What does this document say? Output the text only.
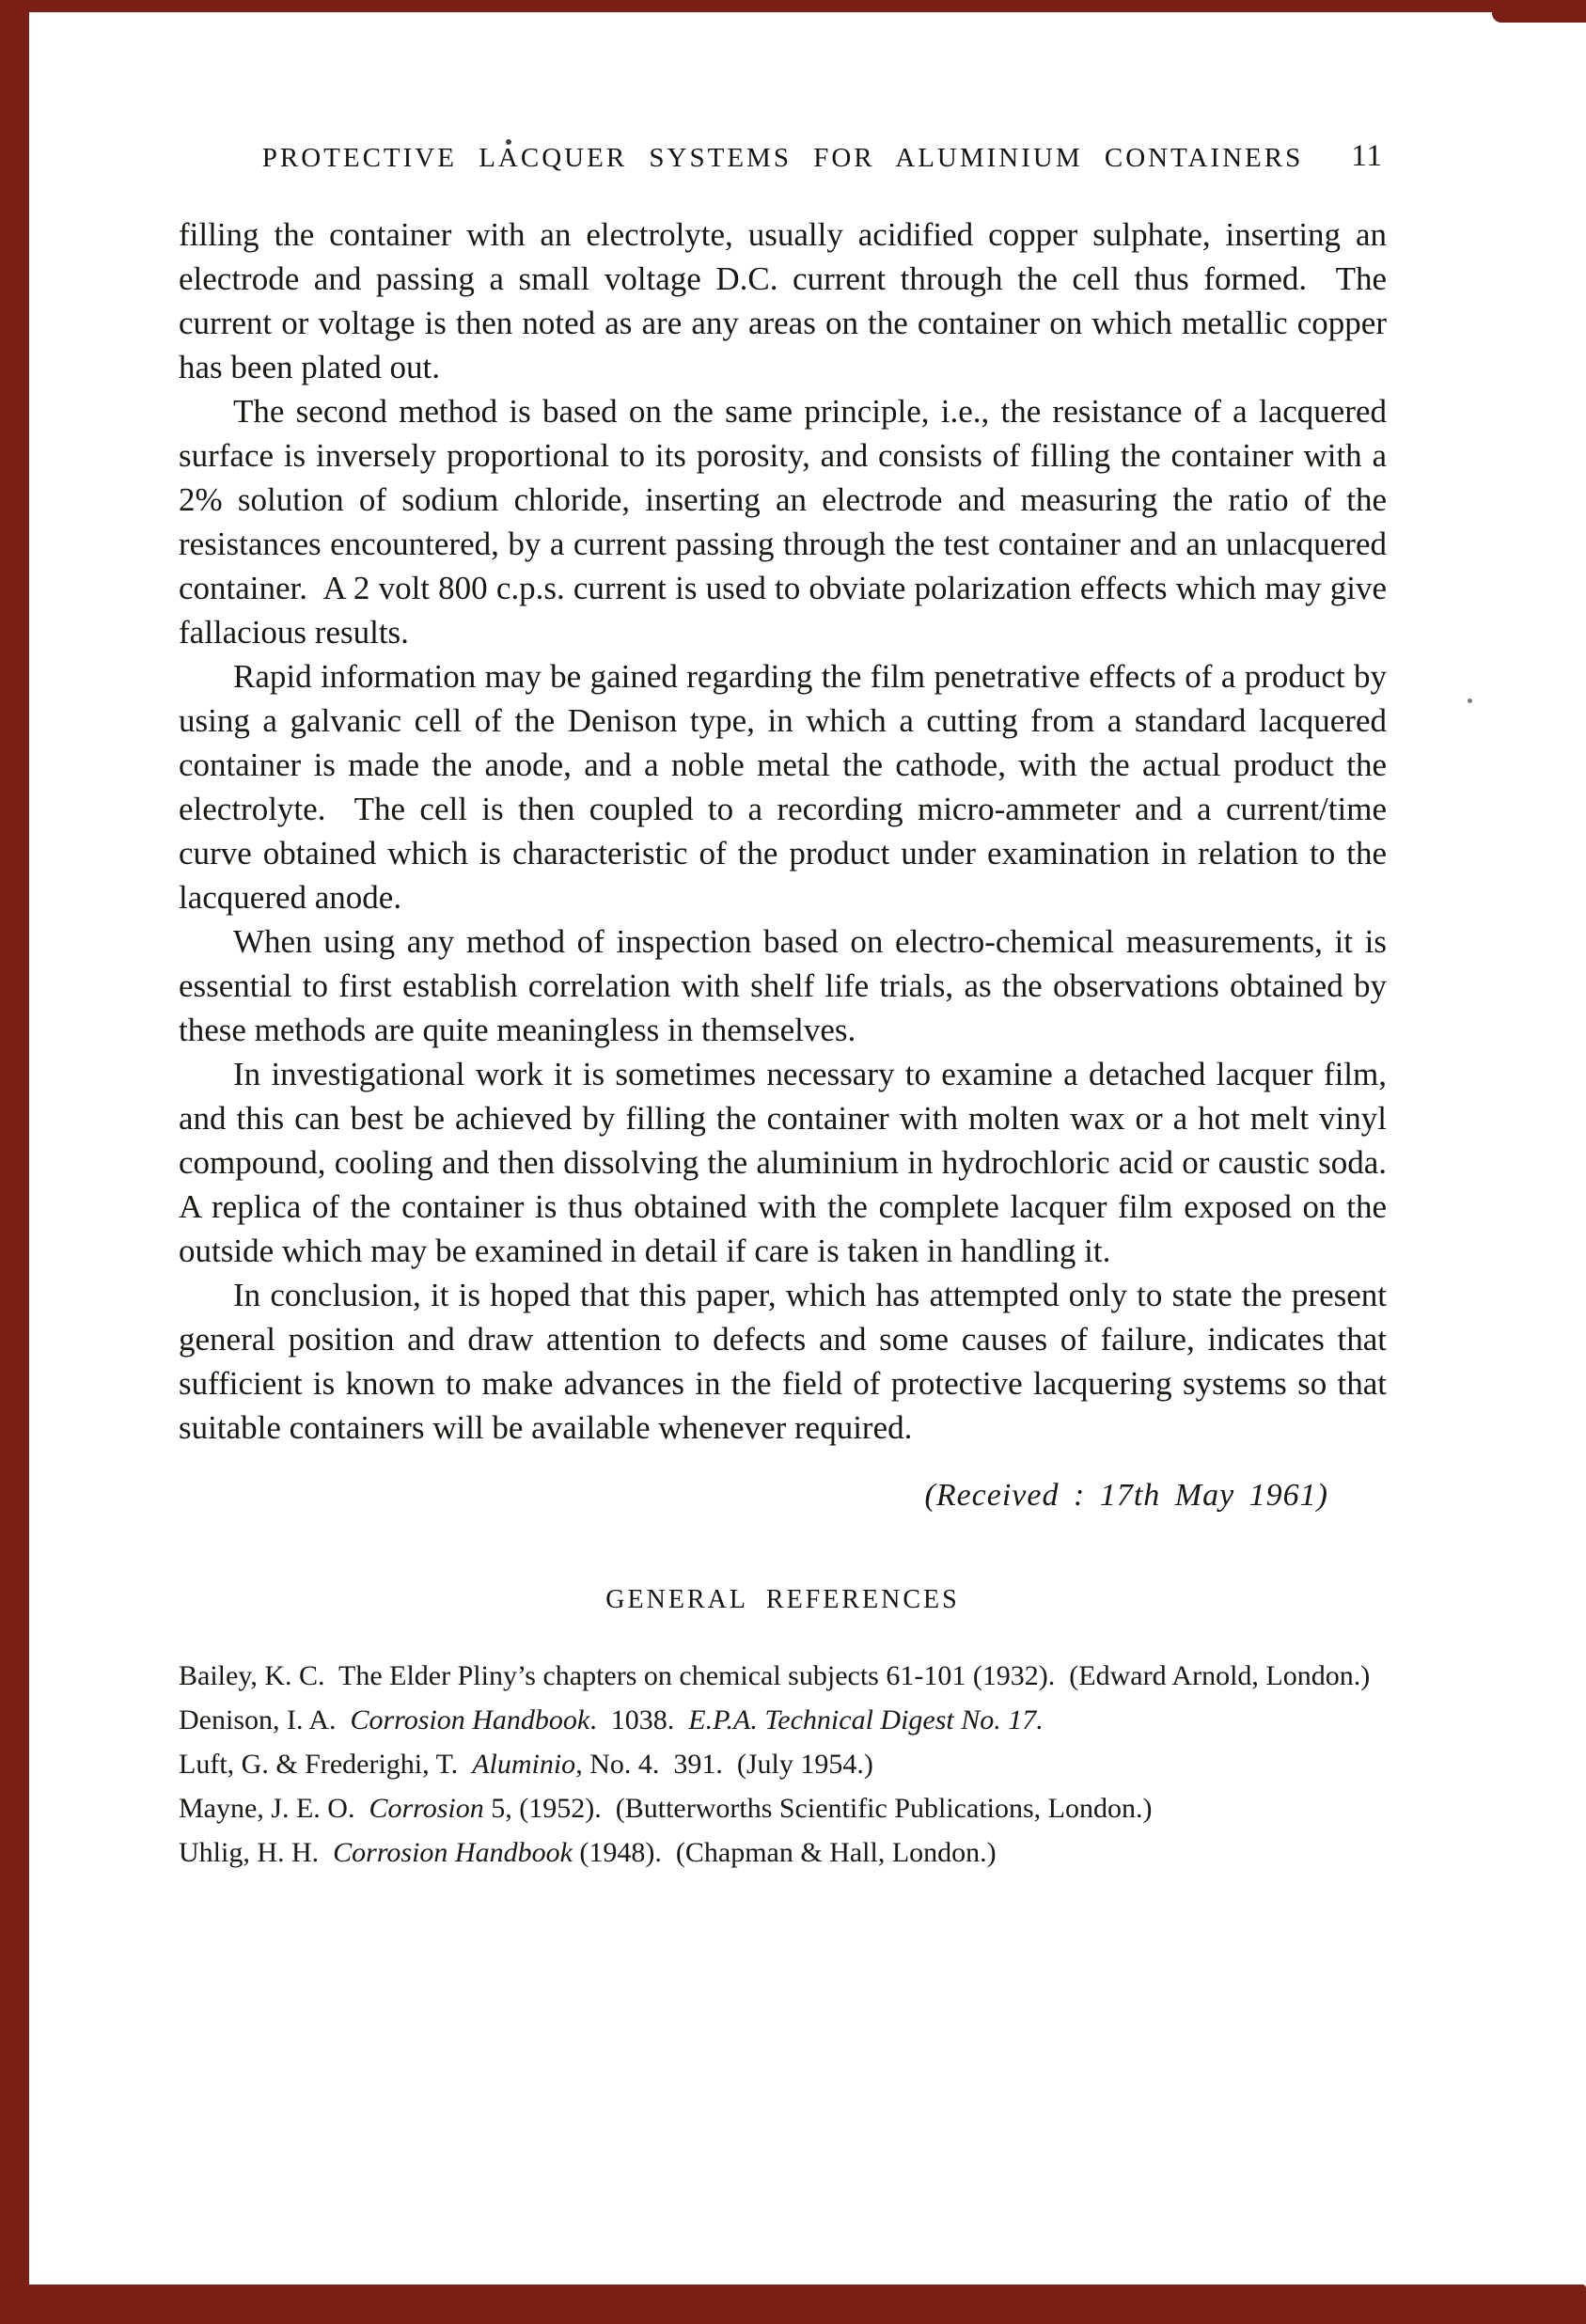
PROTECTIVE LACQUER SYSTEMS FOR ALUMINIUM CONTAINERS	11

filling the container with an electrolyte, usually acidified copper sulphate, inserting an electrode and passing a small voltage D.C. current through the cell thus formed.  The current or voltage is then noted as are any areas on the container on which metallic copper has been plated out.

The second method is based on the same principle, i.e., the resistance of a lacquered surface is inversely proportional to its porosity, and consists of filling the container with a 2% solution of sodium chloride, inserting an electrode and measuring the ratio of the resistances encountered, by a current passing through the test container and an unlacquered container.  A 2 volt 800 c.p.s. current is used to obviate polarization effects which may give fallacious results.

Rapid information may be gained regarding the film penetrative effects of a product by using a galvanic cell of the Denison type, in which a cutting from a standard lacquered container is made the anode, and a noble metal the cathode, with the actual product the electrolyte.  The cell is then coupled to a recording micro-ammeter and a current/time curve obtained which is characteristic of the product under examination in relation to the lacquered anode.

When using any method of inspection based on electro-chemical measurements, it is essential to first establish correlation with shelf life trials, as the observations obtained by these methods are quite meaningless in themselves.

In investigational work it is sometimes necessary to examine a detached lacquer film, and this can best be achieved by filling the container with molten wax or a hot melt vinyl compound, cooling and then dissolving the aluminium in hydrochloric acid or caustic soda.  A replica of the container is thus obtained with the complete lacquer film exposed on the outside which may be examined in detail if care is taken in handling it.

In conclusion, it is hoped that this paper, which has attempted only to state the present general position and draw attention to defects and some causes of failure, indicates that sufficient is known to make advances in the field of protective lacquering systems so that suitable containers will be available whenever required.

(Received : 17th May 1961)
GENERAL REFERENCES

Bailey, K. C.  The Elder Pliny’s chapters on chemical subjects 61-101 (1932).  (Edward Arnold, London.)

Denison, I. A.  Corrosion Handbook.  1038.  E.P.A. Technical Digest No. 17.

Luft, G. & Frederighi, T.  Aluminio, No. 4.  391.  (July 1954.)

Mayne, J. E. O.  Corrosion 5, (1952).  (Butterworths Scientific Publications, London.)

Uhlig, H. H.  Corrosion Handbook (1948).  (Chapman & Hall, London.)
